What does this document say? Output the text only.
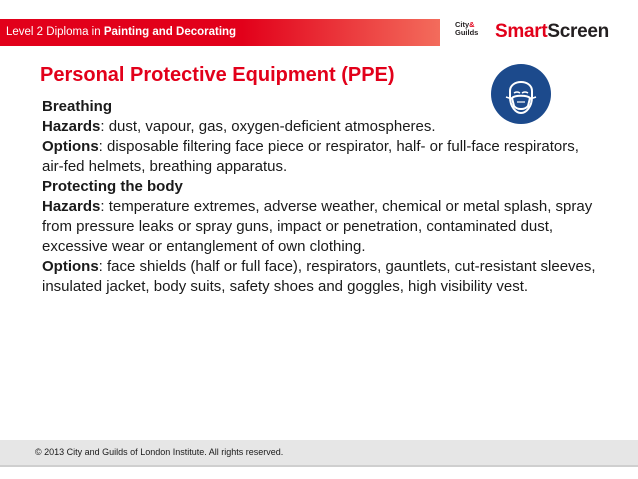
Level 2 Diploma in Painting and Decorating
City&
Guilds SmartScreen
Personal Protective Equipment (PPE)

Breathing

Hazards: dust, vapour, gas, oxygen-deficient atmospheres.

Options: disposable filtering face piece or respirator, half- or full-face respirators, air-fed helmets, breathing apparatus.

Protecting the body

Hazards: temperature extremes, adverse weather, chemical or metal splash, spray from pressure leaks or spray guns, impact or penetration, contaminated dust, excessive wear or entanglement of own clothing.

Options: face shields (half or full face), respirators, gauntlets, cut-resistant sleeves, insulated jacket, body suits, safety shoes and goggles, high visibility vest.

© 2013 City and Guilds of London Institute. All rights reserved.
